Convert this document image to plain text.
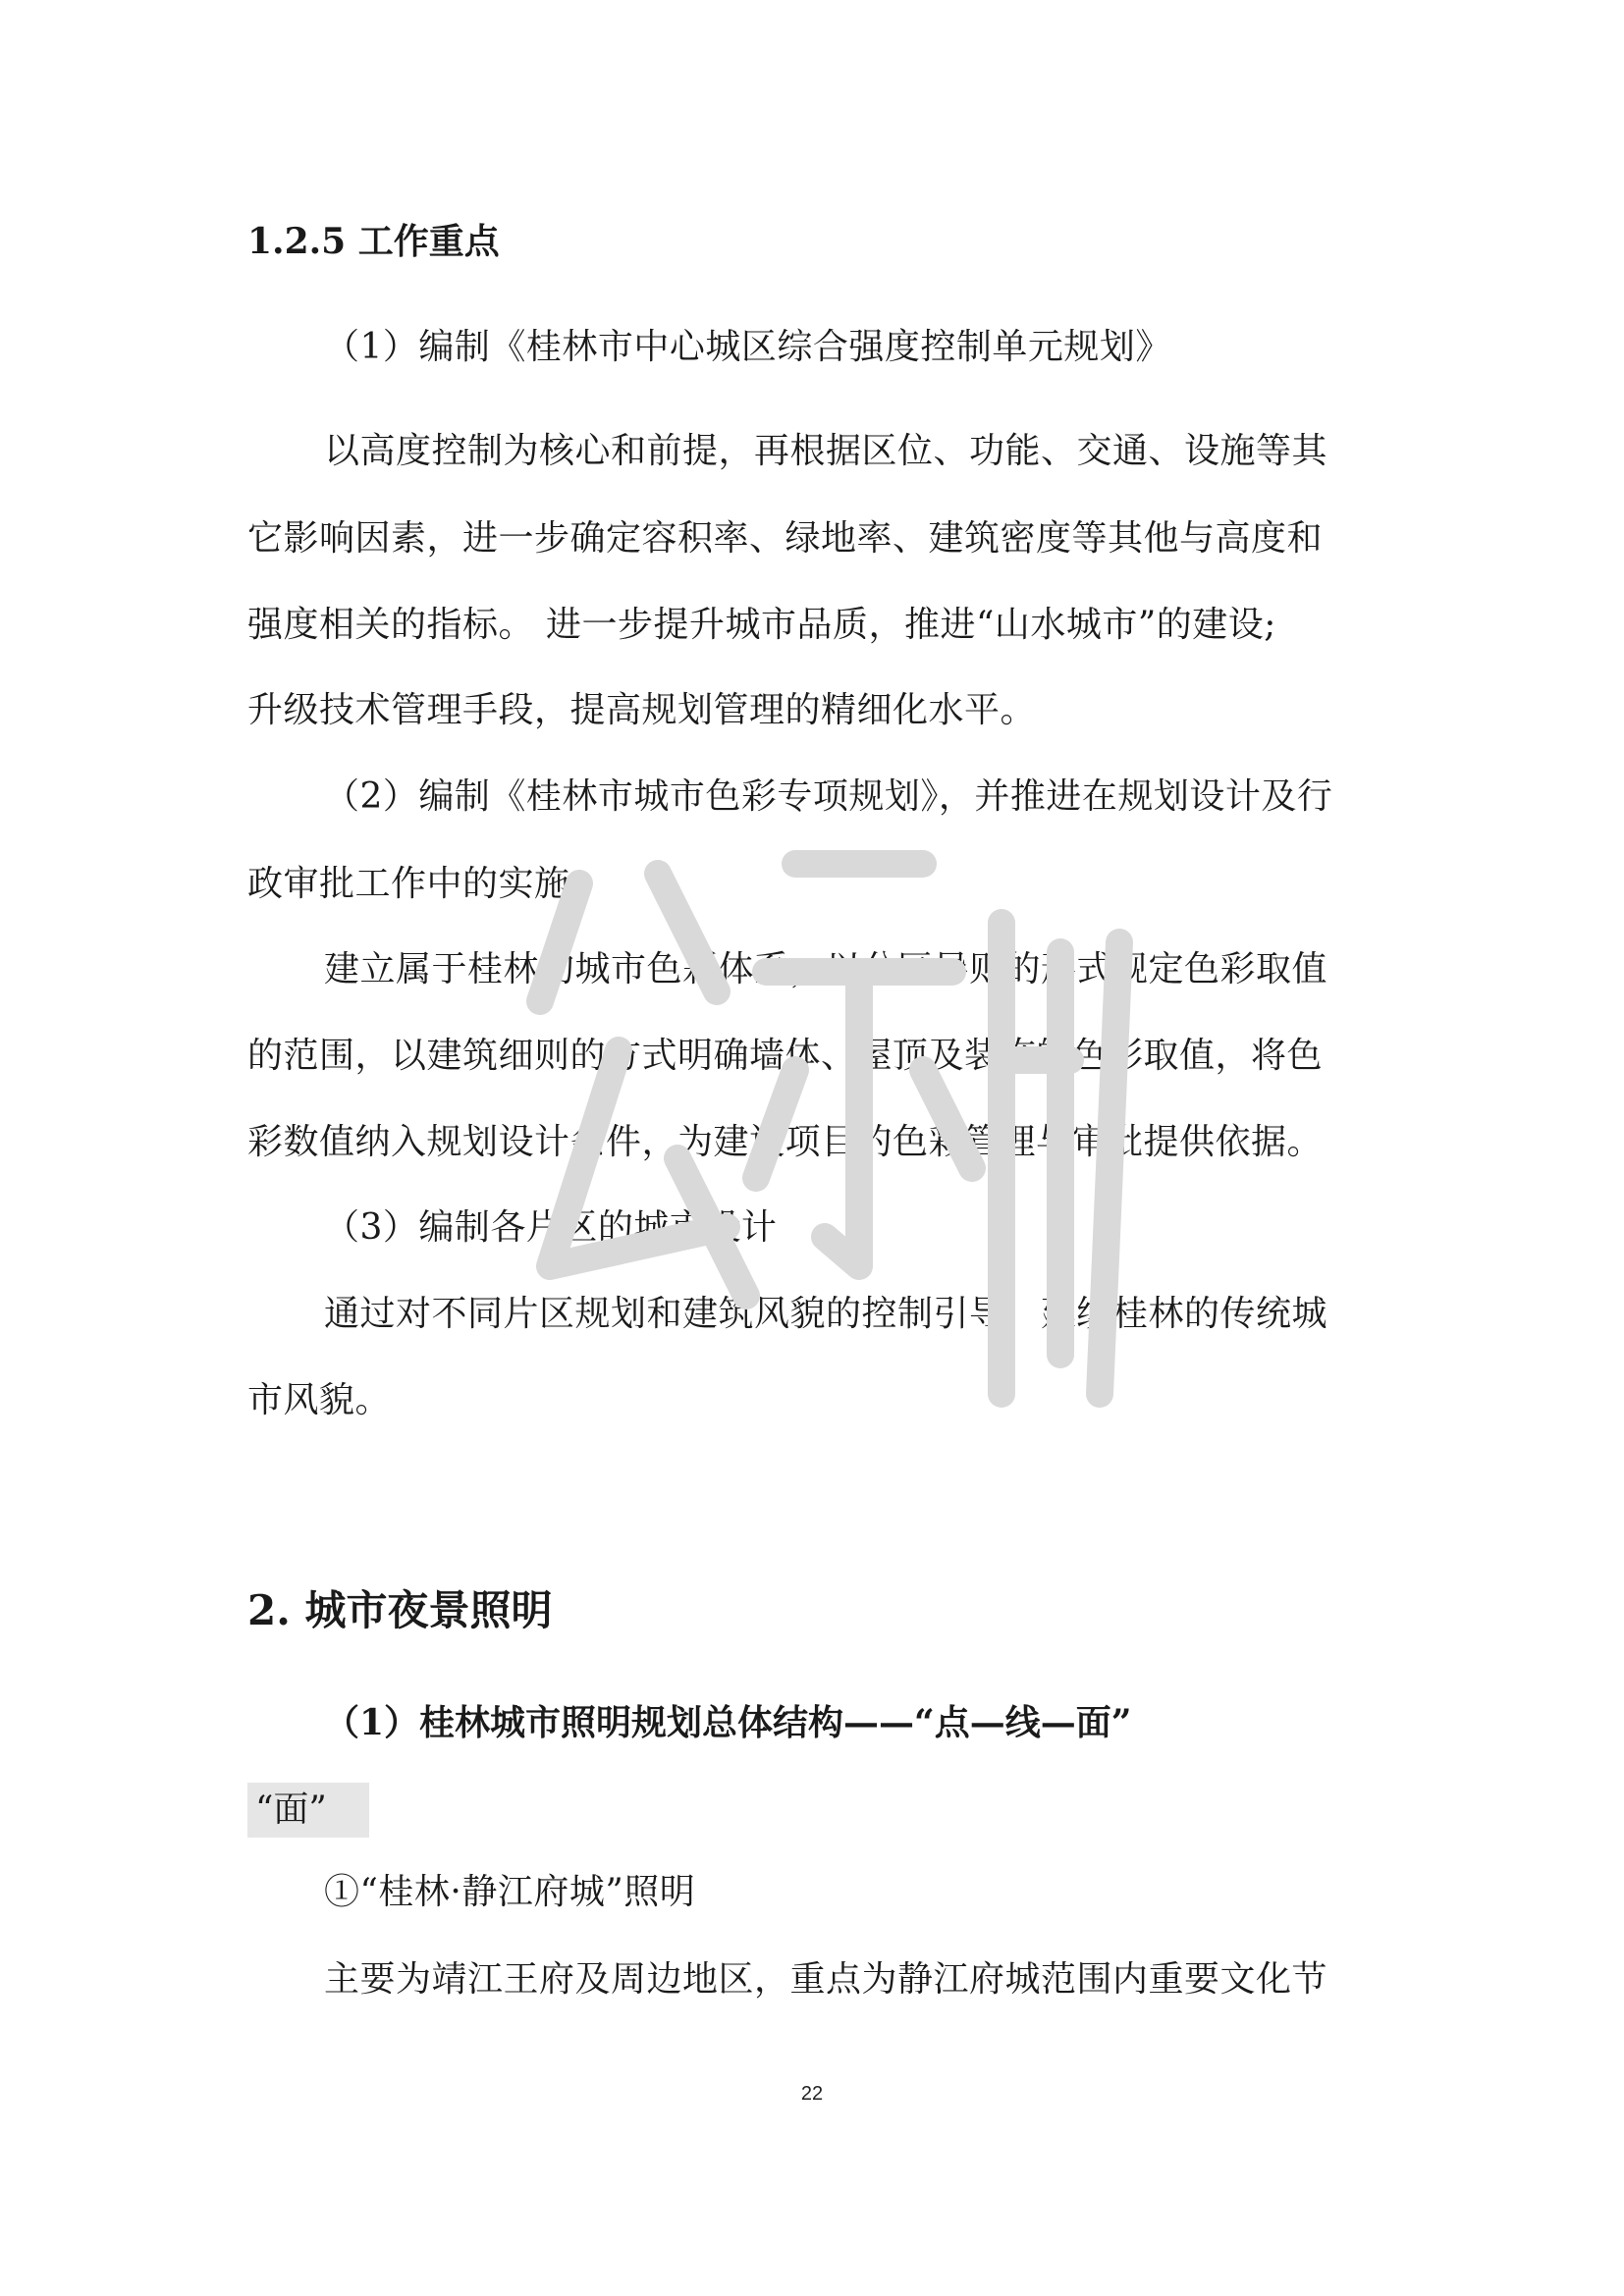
1.2.5 工作重点
（1）编制《桂林市中心城区综合强度控制单元规划》
以高度控制为核心和前提，再根据区位、功能、交通、设施等其
它影响因素，进一步确定容积率、绿地率、建筑密度等其他与高度和
强度相关的指标。 进一步提升城市品质，推进“山水城市”的建设;
升级技术管理手段，提高规划管理的精细化水平。
（2）编制《桂林市城市色彩专项规划》，并推进在规划设计及行
政审批工作中的实施。
建立属于桂林的城市色彩体系，以分区导则的形式规定色彩取值
的范围，以建筑细则的方式明确墙体、屋顶及装饰的色彩取值，将色
彩数值纳入规划设计条件，为建设项目的色彩管理与审批提供依据。
（3）编制各片区的城市设计
通过对不同片区规划和建筑风貌的控制引导，延续桂林的传统城
市风貌。
2. 城市夜景照明
（1）桂林城市照明规划总体结构——“点—线—面”
“面”
①“桂林·静江府城”照明
主要为靖江王府及周边地区，重点为静江府城范围内重要文化节
22
